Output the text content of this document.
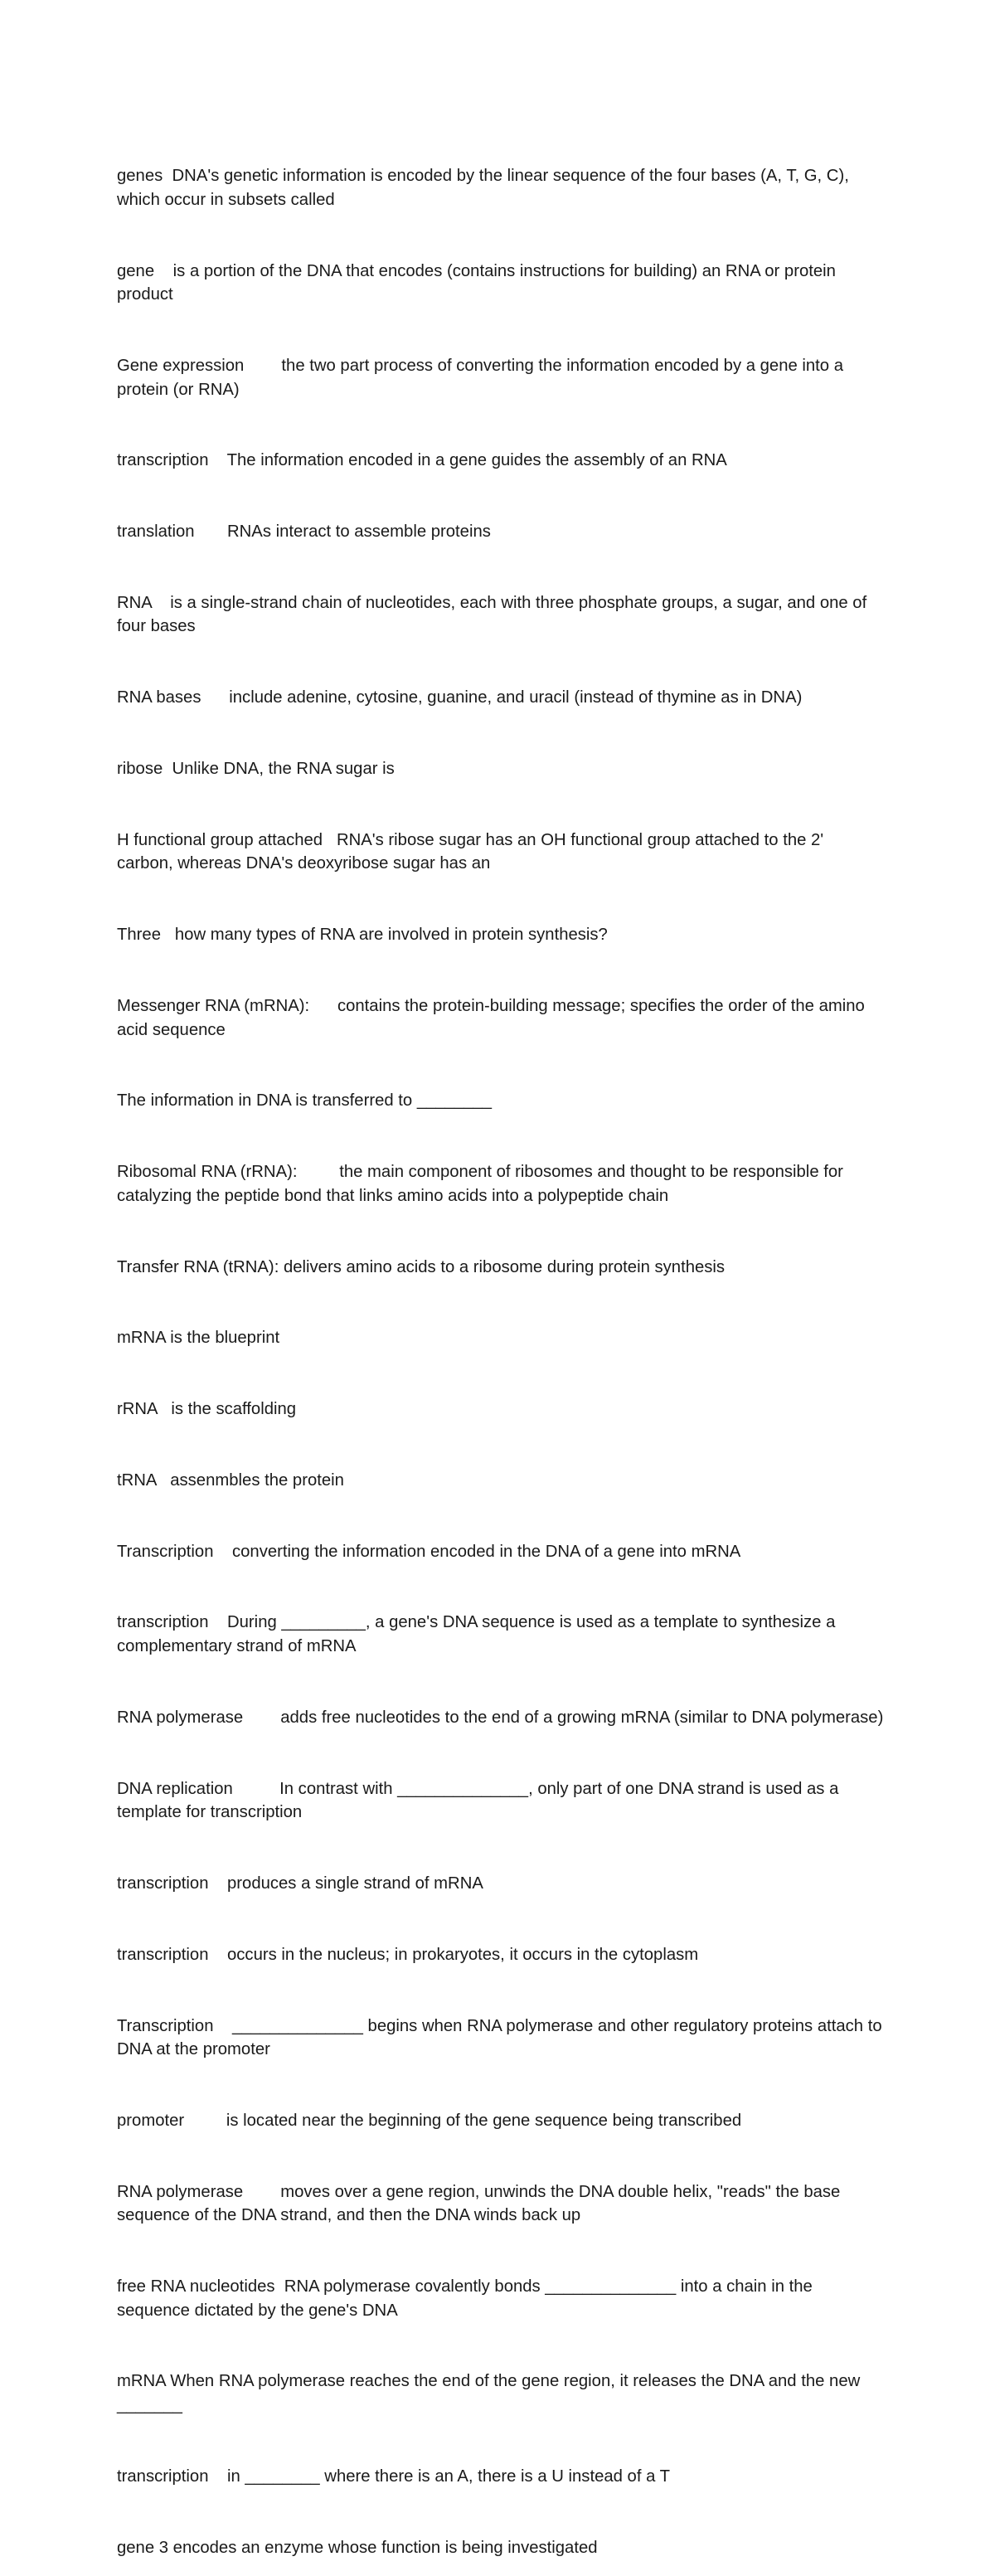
genes  DNA's genetic information is encoded by the linear sequence of the four bases (A, T, G, C), which occur in subsets called

gene    is a portion of the DNA that encodes (contains instructions for building) an RNA or protein product

Gene expression        the two part process of converting the information encoded by a gene into a protein (or RNA)

transcription    The information encoded in a gene guides the assembly of an RNA

translation       RNAs interact to assemble proteins

RNA    is a single-strand chain of nucleotides, each with three phosphate groups, a sugar, and one of four bases

RNA bases      include adenine, cytosine, guanine, and uracil (instead of thymine as in DNA)

ribose  Unlike DNA, the RNA sugar is

H functional group attached   RNA's ribose sugar has an OH functional group attached to the 2' carbon, whereas DNA's deoxyribose sugar has an

Three   how many types of RNA are involved in protein synthesis?

Messenger RNA (mRNA):      contains the protein-building message; specifies the order of the amino acid sequence

The information in DNA is transferred to ________

Ribosomal RNA (rRNA):         the main component of ribosomes and thought to be responsible for catalyzing the peptide bond that links amino acids into a polypeptide chain

Transfer RNA (tRNA): delivers amino acids to a ribosome during protein synthesis

mRNA is the blueprint

rRNA   is the scaffolding

tRNA   assenmbles the protein

Transcription    converting the information encoded in the DNA of a gene into mRNA

transcription    During _________, a gene's DNA sequence is used as a template to synthesize a complementary strand of mRNA

RNA polymerase        adds free nucleotides to the end of a growing mRNA (similar to DNA polymerase)

DNA replication          In contrast with ______________, only part of one DNA strand is used as a template for transcription

transcription    produces a single strand of mRNA

transcription    occurs in the nucleus; in prokaryotes, it occurs in the cytoplasm

Transcription    ______________ begins when RNA polymerase and other regulatory proteins attach to DNA at the promoter

promoter         is located near the beginning of the gene sequence being transcribed

RNA polymerase        moves over a gene region, unwinds the DNA double helix, "reads" the base sequence of the DNA strand, and then the DNA winds back up

free RNA nucleotides  RNA polymerase covalently bonds ______________ into a chain in the sequence dictated by the gene's DNA

mRNA When RNA polymerase reaches the end of the gene region, it releases the DNA and the new _______

transcription    in ________ where there is an A, there is a U instead of a T

gene 3 encodes an enzyme whose function is being investigated
